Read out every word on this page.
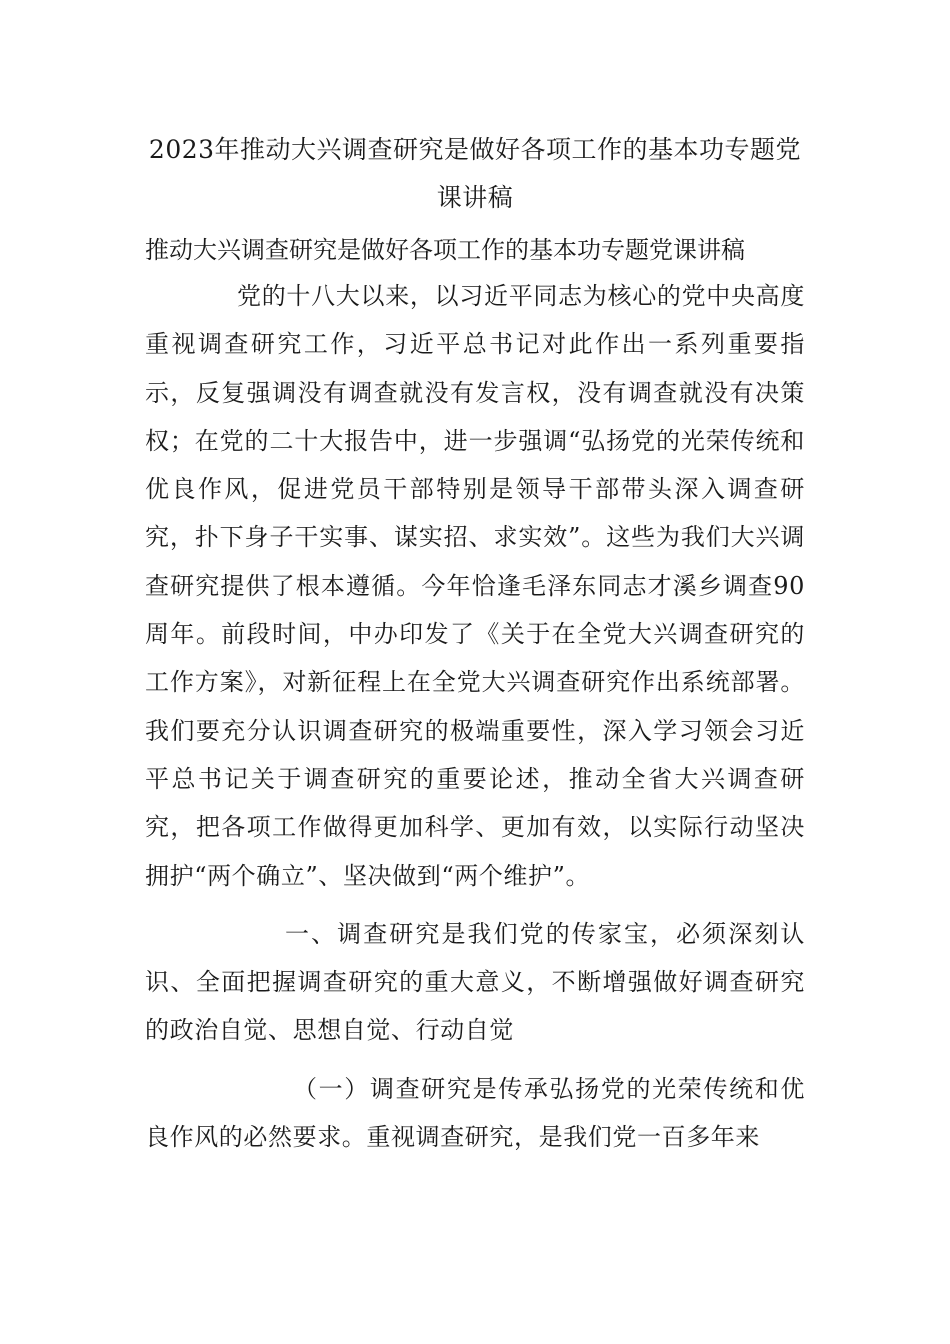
2023年推动大兴调查研究是做好各项工作的基本功专题党课讲稿
推动大兴调查研究是做好各项工作的基本功专题党课讲稿

党的十八大以来，以习近平同志为核心的党中央高度重视调查研究工作，习近平总书记对此作出一系列重要指示，反复强调没有调查就没有发言权，没有调查就没有决策权；在党的二十大报告中，进一步强调“弘扬党的光荣传统和优良作风，促进党员干部特别是领导干部带头深入调查研究，扑下身子干实事、谋实招、求实效”。这些为我们大兴调查研究提供了根本遵循。今年恰逢毛泽东同志才溪乡调查90周年。前段时间，中办印发了《关于在全党大兴调查研究的工作方案》，对新征程上在全党大兴调查研究作出系统部署。我们要充分认识调查研究的极端重要性，深入学习领会习近平总书记关于调查研究的重要论述，推动全省大兴调查研究，把各项工作做得更加科学、更加有效，以实际行动坚决拥护“两个确立”、坚决做到“两个维护”。

一、调查研究是我们党的传家宝，必须深刻认识、全面把握调查研究的重大意义，不断增强做好调查研究的政治自觉、思想自觉、行动自觉

（一）调查研究是传承弘扬党的光荣传统和优良作风的必然要求。重视调查研究，是我们党一百多年来
